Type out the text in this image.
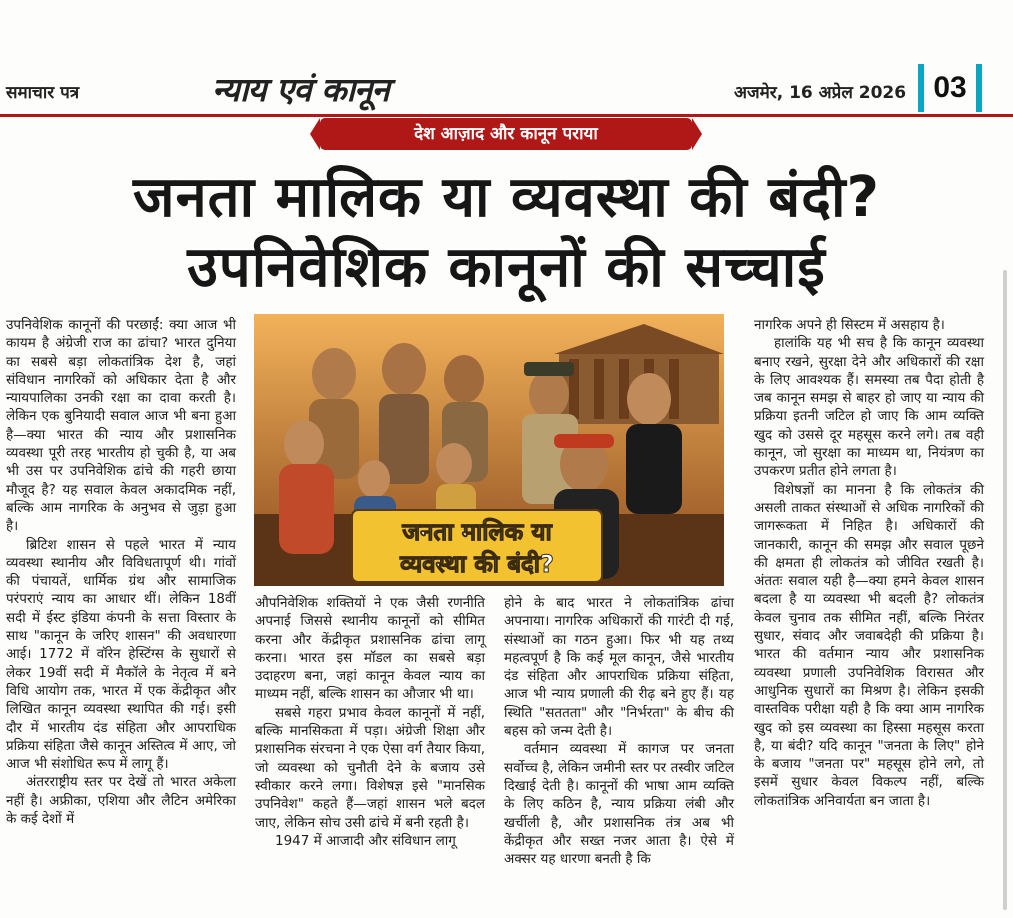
समाचार पत्र	न्याय एवं कानून	अजमेर, 16 अप्रेल 2026 03
देश आज़ाद और कानून पराया
जनता मालिक या व्यवस्था की बंदी?
उपनिवेशिक कानूनों की सच्चाई

उपनिवेशिक कानूनों की परछाईं: क्या आज भी कायम है अंग्रेजी राज का ढांचा? भारत दुनिया का सबसे बड़ा लोकतांत्रिक देश है, जहां संविधान नागरिकों को अधिकार देता है और न्यायपालिका उनकी रक्षा का दावा करती है। लेकिन एक बुनियादी सवाल आज भी बना हुआ है—क्या भारत की न्याय और प्रशासनिक व्यवस्था पूरी तरह भारतीय हो चुकी है, या अब भी उस पर उपनिवेशिक ढांचे की गहरी छाया मौजूद है? यह सवाल केवल अकादमिक नहीं, बल्कि आम नागरिक के अनुभव से जुड़ा हुआ है।

ब्रिटिश शासन से पहले भारत में न्याय व्यवस्था स्थानीय और विविधतापूर्ण थी। गांवों की पंचायतें, धार्मिक ग्रंथ और सामाजिक परंपराएं न्याय का आधार थीं। लेकिन 18वीं सदी में ईस्ट इंडिया कंपनी के सत्ता विस्तार के साथ "कानून के जरिए शासन" की अवधारणा आई। 1772 में वॉरेन हेस्टिंग्स के सुधारों से लेकर 19वीं सदी में मैकॉले के नेतृत्व में बने विधि आयोग तक, भारत में एक केंद्रीकृत और लिखित कानून व्यवस्था स्थापित की गई। इसी दौर में भारतीय दंड संहिता और आपराधिक प्रक्रिया संहिता जैसे कानून अस्तित्व में आए, जो आज भी संशोधित रूप में लागू हैं।

अंतरराष्ट्रीय स्तर पर देखें तो भारत अकेला नहीं है। अफ्रीका, एशिया और लैटिन अमेरिका के कई देशों में

जनता मालिक या
व्यवस्था की बंदी?

औपनिवेशिक शक्तियों ने एक जैसी रणनीति अपनाई जिससे स्थानीय कानूनों को सीमित करना और केंद्रीकृत प्रशासनिक ढांचा लागू करना। भारत इस मॉडल का सबसे बड़ा उदाहरण बना, जहां कानून केवल न्याय का माध्यम नहीं, बल्कि शासन का औजार भी था।

सबसे गहरा प्रभाव केवल कानूनों में नहीं, बल्कि मानसिकता में पड़ा। अंग्रेजी शिक्षा और प्रशासनिक संरचना ने एक ऐसा वर्ग तैयार किया, जो व्यवस्था को चुनौती देने के बजाय उसे स्वीकार करने लगा। विशेषज्ञ इसे "मानसिक उपनिवेश" कहते हैं—जहां शासन भले बदल जाए, लेकिन सोच उसी ढांचे में बनी रहती है।

1947 में आजादी और संविधान लागू

होने के बाद भारत ने लोकतांत्रिक ढांचा अपनाया। नागरिक अधिकारों की गारंटी दी गई, संस्थाओं का गठन हुआ। फिर भी यह तथ्य महत्वपूर्ण है कि कई मूल कानून, जैसे भारतीय दंड संहिता और आपराधिक प्रक्रिया संहिता, आज भी न्याय प्रणाली की रीढ़ बने हुए हैं। यह स्थिति "सततता" और "निर्भरता" के बीच की बहस को जन्म देती है।

वर्तमान व्यवस्था में कागज पर जनता सर्वोच्च है, लेकिन जमीनी स्तर पर तस्वीर जटिल दिखाई देती है। कानूनों की भाषा आम व्यक्ति के लिए कठिन है, न्याय प्रक्रिया लंबी और खर्चीली है, और प्रशासनिक तंत्र अब भी केंद्रीकृत और सख्त नजर आता है। ऐसे में अक्सर यह धारणा बनती है कि

नागरिक अपने ही सिस्टम में असहाय है।

हालांकि यह भी सच है कि कानून व्यवस्था बनाए रखने, सुरक्षा देने और अधिकारों की रक्षा के लिए आवश्यक हैं। समस्या तब पैदा होती है जब कानून समझ से बाहर हो जाए या न्याय की प्रक्रिया इतनी जटिल हो जाए कि आम व्यक्ति खुद को उससे दूर महसूस करने लगे। तब वही कानून, जो सुरक्षा का माध्यम था, नियंत्रण का उपकरण प्रतीत होने लगता है।

विशेषज्ञों का मानना है कि लोकतंत्र की असली ताकत संस्थाओं से अधिक नागरिकों की जागरूकता में निहित है। अधिकारों की जानकारी, कानून की समझ और सवाल पूछने की क्षमता ही लोकतंत्र को जीवित रखती है। अंततः सवाल यही है—क्या हमने केवल शासन बदला है या व्यवस्था भी बदली है? लोकतंत्र केवल चुनाव तक सीमित नहीं, बल्कि निरंतर सुधार, संवाद और जवाबदेही की प्रक्रिया है। भारत की वर्तमान न्याय और प्रशासनिक व्यवस्था प्रणाली उपनिवेशिक विरासत और आधुनिक सुधारों का मिश्रण है। लेकिन इसकी वास्तविक परीक्षा यही है कि क्या आम नागरिक खुद को इस व्यवस्था का हिस्सा महसूस करता है, या बंदी? यदि कानून "जनता के लिए" होने के बजाय "जनता पर" महसूस होने लगे, तो इसमें सुधार केवल विकल्प नहीं, बल्कि लोकतांत्रिक अनिवार्यता बन जाता है।
